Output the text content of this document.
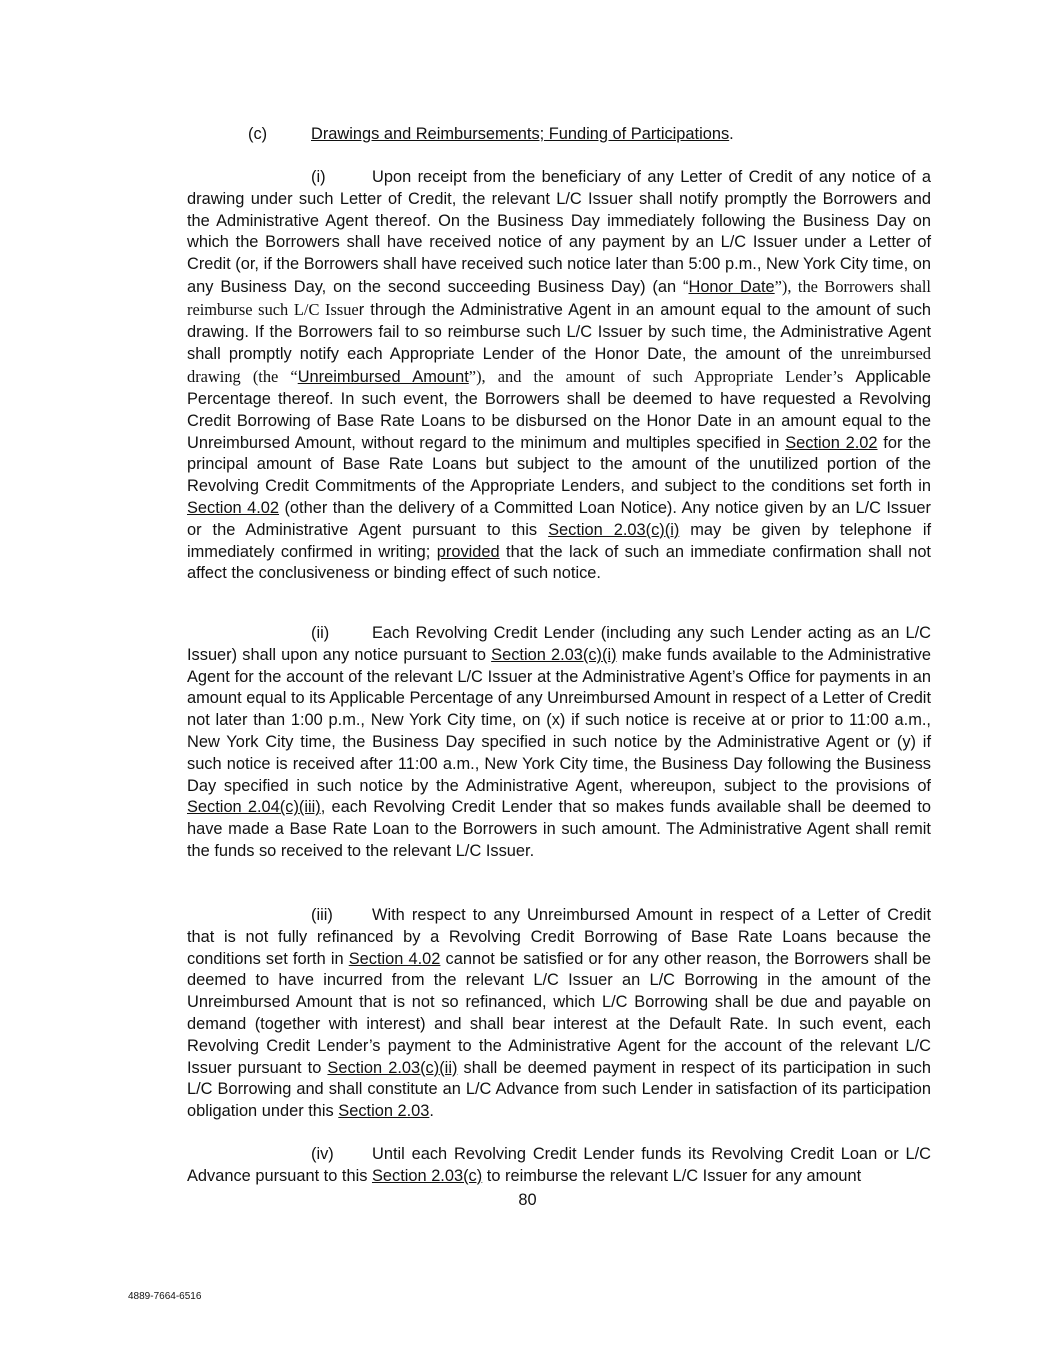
(c)	Drawings and Reimbursements; Funding of Participations.

(i)	Upon receipt from the beneficiary of any Letter of Credit of any notice of a drawing under such Letter of Credit, the relevant L/C Issuer shall notify promptly the Borrowers and the Administrative Agent thereof. On the Business Day immediately following the Business Day on which the Borrowers shall have received notice of any payment by an L/C Issuer under a Letter of Credit (or, if the Borrowers shall have received such notice later than 5:00 p.m., New York City time, on any Business Day, on the second succeeding Business Day) (an “Honor Date”), the Borrowers shall reimburse such L/C Issuer through the Administrative Agent in an amount equal to the amount of such drawing. If the Borrowers fail to so reimburse such L/C Issuer by such time, the Administrative Agent shall promptly notify each Appropriate Lender of the Honor Date, the amount of the unreimbursed drawing (the “Unreimbursed Amount”), and the amount of such Appropriate Lender’s Applicable Percentage thereof. In such event, the Borrowers shall be deemed to have requested a Revolving Credit Borrowing of Base Rate Loans to be disbursed on the Honor Date in an amount equal to the Unreimbursed Amount, without regard to the minimum and multiples specified in Section 2.02 for the principal amount of Base Rate Loans but subject to the amount of the unutilized portion of the Revolving Credit Commitments of the Appropriate Lenders, and subject to the conditions set forth in Section 4.02 (other than the delivery of a Committed Loan Notice). Any notice given by an L/C Issuer or the Administrative Agent pursuant to this Section 2.03(c)(i) may be given by telephone if immediately confirmed in writing; provided that the lack of such an immediate confirmation shall not affect the conclusiveness or binding effect of such notice.

(ii)	Each Revolving Credit Lender (including any such Lender acting as an L/C Issuer) shall upon any notice pursuant to Section 2.03(c)(i) make funds available to the Administrative Agent for the account of the relevant L/C Issuer at the Administrative Agent’s Office for payments in an amount equal to its Applicable Percentage of any Unreimbursed Amount in respect of a Letter of Credit not later than 1:00 p.m., New York City time, on (x) if such notice is receive at or prior to 11:00 a.m., New York City time, the Business Day specified in such notice by the Administrative Agent or (y) if such notice is received after 11:00 a.m., New York City time, the Business Day following the Business Day specified in such notice by the Administrative Agent, whereupon, subject to the provisions of Section 2.04(c)(iii), each Revolving Credit Lender that so makes funds available shall be deemed to have made a Base Rate Loan to the Borrowers in such amount. The Administrative Agent shall remit the funds so received to the relevant L/C Issuer.

(iii) With respect to any Unreimbursed Amount in respect of a Letter of Credit that is not fully refinanced by a Revolving Credit Borrowing of Base Rate Loans because the conditions set forth in Section 4.02 cannot be satisfied or for any other reason, the Borrowers shall be deemed to have incurred from the relevant L/C Issuer an L/C Borrowing in the amount of the Unreimbursed Amount that is not so refinanced, which L/C Borrowing shall be due and payable on demand (together with interest) and shall bear interest at the Default Rate. In such event, each Revolving Credit Lender’s payment to the Administrative Agent for the account of the relevant L/C Issuer pursuant to Section 2.03(c)(ii) shall be deemed payment in respect of its participation in such L/C Borrowing and shall constitute an L/C Advance from such Lender in satisfaction of its participation obligation under this Section 2.03.

(iv) Until each Revolving Credit Lender funds its Revolving Credit Loan or L/C Advance pursuant to this Section 2.03(c) to reimburse the relevant L/C Issuer for any amount

80
4889-7664-6516
